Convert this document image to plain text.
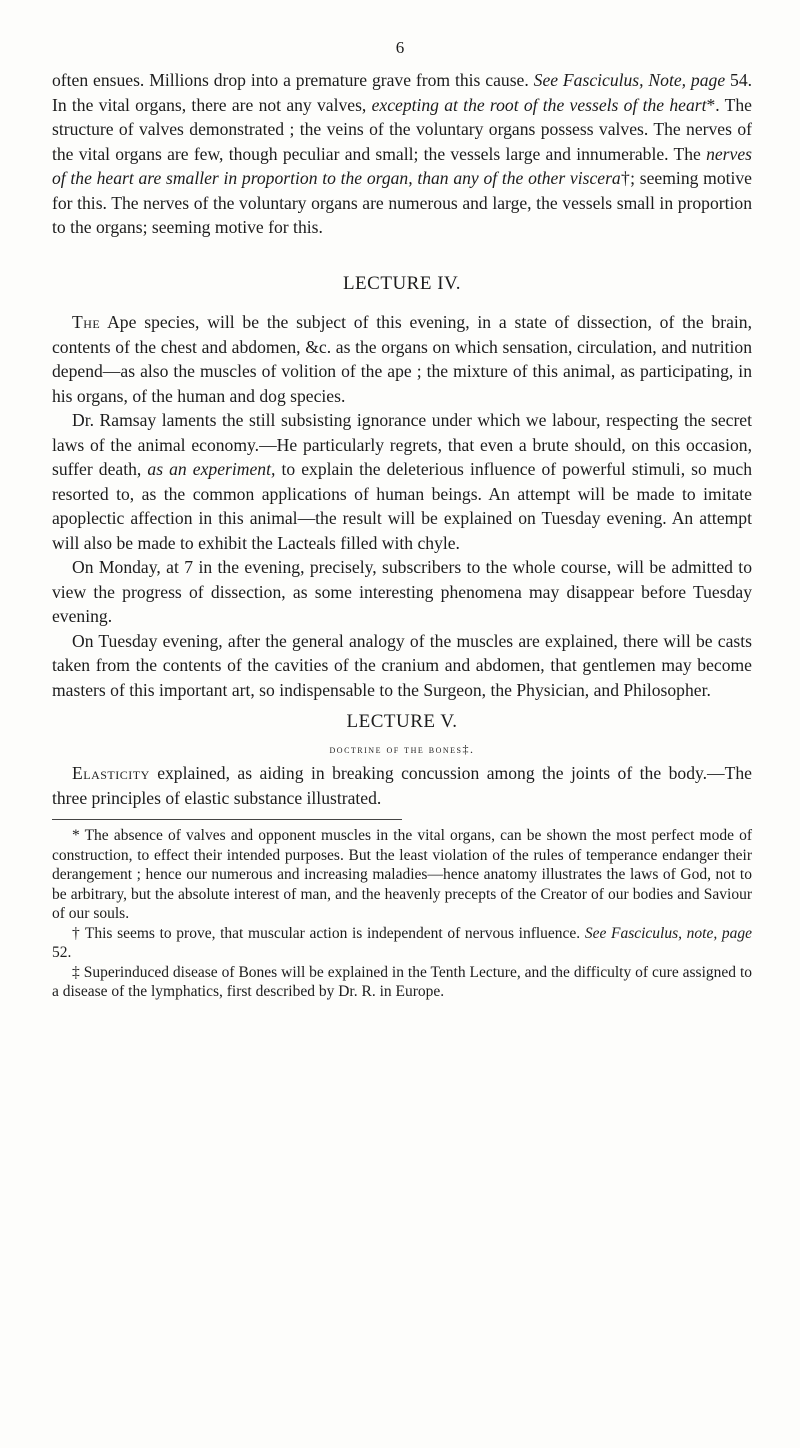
6

often ensues. Millions drop into a premature grave from this cause. See Fasciculus, Note, page 54. In the vital organs, there are not any valves, excepting at the root of the vessels of the heart*. The structure of valves demonstrated ; the veins of the voluntary organs possess valves. The nerves of the vital organs are few, though peculiar and small; the vessels large and innumerable. The nerves of the heart are smaller in proportion to the organ, than any of the other viscera†; seeming motive for this. The nerves of the voluntary organs are numerous and large, the vessels small in proportion to the organs; seeming motive for this.

LECTURE IV.

The Ape species, will be the subject of this evening, in a state of dissection, of the brain, contents of the chest and abdomen, &c. as the organs on which sensation, circulation, and nutrition depend—as also the muscles of volition of the ape ; the mixture of this animal, as participating, in his organs, of the human and dog species.

Dr. Ramsay laments the still subsisting ignorance under which we labour, respecting the secret laws of the animal economy.—He particularly regrets, that even a brute should, on this occasion, suffer death, as an experiment, to explain the deleterious influence of powerful stimuli, so much resorted to, as the common applications of human beings. An attempt will be made to imitate apoplectic affection in this animal—the result will be explained on Tuesday evening. An attempt will also be made to exhibit the Lacteals filled with chyle.

On Monday, at 7 in the evening, precisely, subscribers to the whole course, will be admitted to view the progress of dissection, as some interesting phenomena may disappear before Tuesday evening.

On Tuesday evening, after the general analogy of the muscles are explained, there will be casts taken from the contents of the cavities of the cranium and abdomen, that gentlemen may become masters of this important art, so indispensable to the Surgeon, the Physician, and Philosopher.

LECTURE V.

doctrine of the bones‡.

Elasticity explained, as aiding in breaking concussion among the joints of the body.—The three principles of elastic substance illustrated.

* The absence of valves and opponent muscles in the vital organs, can be shown the most perfect mode of construction, to effect their intended purposes. But the least violation of the rules of temperance endanger their derangement ; hence our numerous and increasing maladies—hence anatomy illustrates the laws of God, not to be arbitrary, but the absolute interest of man, and the heavenly precepts of the Creator of our bodies and Saviour of our souls.

† This seems to prove, that muscular action is independent of nervous influence. See Fasciculus, note, page 52.

‡ Superinduced disease of Bones will be explained in the Tenth Lecture, and the difficulty of cure assigned to a disease of the lymphatics, first described by Dr. R. in Europe.
